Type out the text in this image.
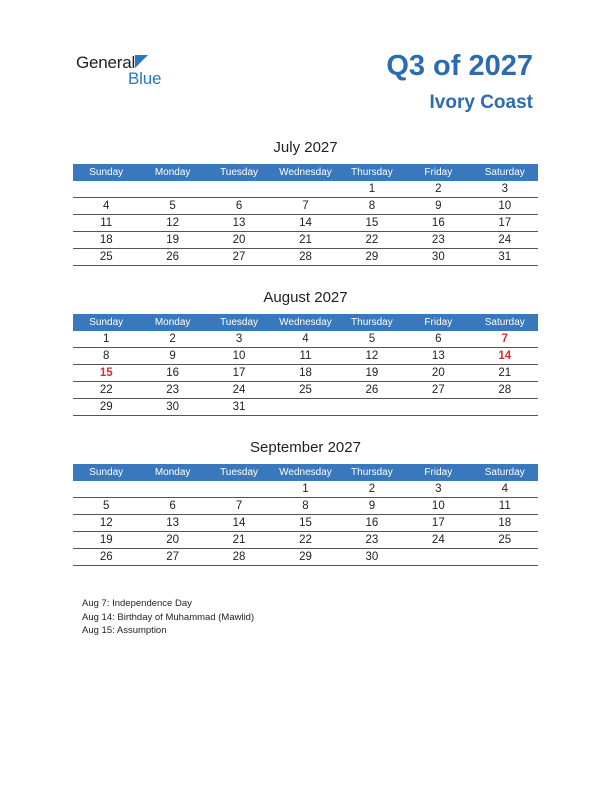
General
Blue	Q3 of 2027
Ivory Coast
July 2027
Sunday	Monday	Tuesday	Wednesday	Thursday	Friday	Saturday
				1	2	3
4	5	6	7	8	9	10
11	12	13	14	15	16	17
18	19	20	21	22	23	24
25	26	27	28	29	30	31
August 2027
Sunday	Monday	Tuesday	Wednesday	Thursday	Friday	Saturday
1	2	3	4	5	6	7
8	9	10	11	12	13	14
15	16	17	18	19	20	21
22	23	24	25	26	27	28
29	30	31				
September 2027
Sunday	Monday	Tuesday	Wednesday	Thursday	Friday	Saturday
			1	2	3	4
5	6	7	8	9	10	11
12	13	14	15	16	17	18
19	20	21	22	23	24	25
26	27	28	29	30		
Aug 7: Independence Day
Aug 14: Birthday of Muhammad (Mawlid)
Aug 15: Assumption
